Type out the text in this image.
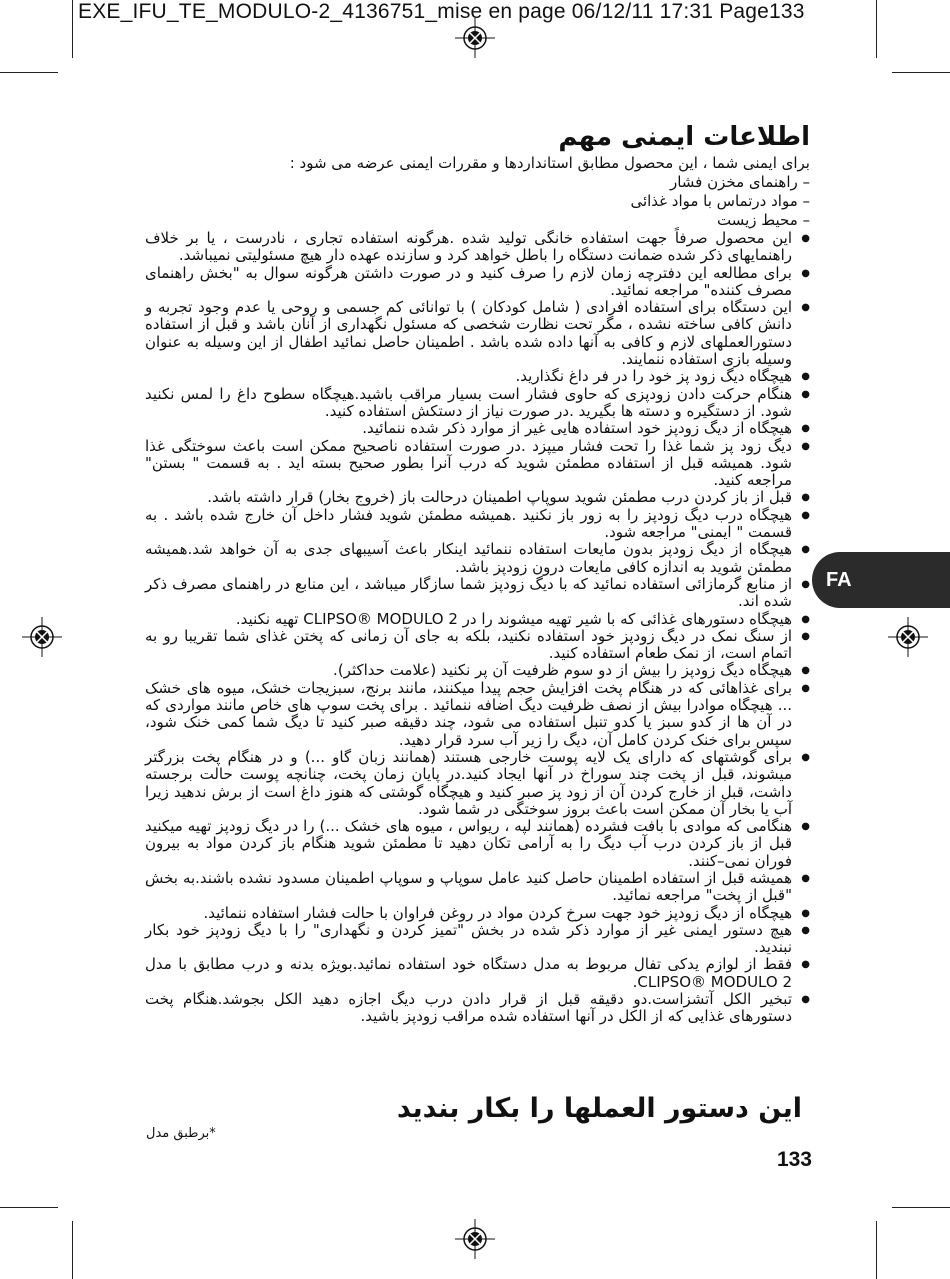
EXE_IFU_TE_MODULO-2_4136751_mise en page 06/12/11 17:31 Page133

FA
اطلاعات ایمنی مهم

برای ایمنی شما ، این محصول مطابق استانداردها و مقررات ایمنی عرضه می شود :

– راهنمای مخزن فشار

– مواد درتماس با مواد غذائی

– محیط زیست

● این محصول صرفاً جهت استفاده خانگی تولید شده .هرگونه استفاده تجاری ، نادرست ، یا بر خلاف راهنمایهای ذکر شده ضمانت دستگاه را باطل خواهد کرد و سازنده عهده دار هیچ مسئولیتی نمیباشد.
● برای مطالعه این دفترچه زمان لازم را صرف کنید و در صورت داشتن هرگونه سوال به "بخش راهنمای مصرف کننده" مراجعه نمائید.
● این دستگاه برای استفاده افرادی ( شامل کودکان ) با توانائی کم جسمی و روحی یا عدم وجود تجربه و دانش کافی ساخته نشده ، مگر تحت نظارت شخصی که مسئول نگهداری از آنان باشد و قبل از استفاده دستورالعملهای لازم و کافی به آنها داده شده باشد . اطمینان حاصل نمائید اطفال از این وسیله به عنوان وسیله بازی استفاده ننمایند.
● هیچگاه دیگ زود پز خود را در فر داغ نگذارید.
● هنگام حرکت دادن زودپزی که حاوی فشار است بسیار مراقب باشید.هیچگاه سطوح داغ را لمس نکنید شود. از دستگیره و دسته ها بگیرید .در صورت نیاز از دستکش استفاده کنید.
● هیچگاه از دیگ زودپز خود استفاده هایی غیر از موارد ذکر شده ننمائید.
● دیگ زود پز شما غذا را تحت فشار میپزد .در صورت استفاده ناصحیح ممکن است باعث سوختگی غذا شود. همیشه قبل از استفاده مطمئن شوید که درب آنرا بطور صحیح بسته اید . به قسمت " بستن" مراجعه کنید.
● قبل از باز کردن درب مطمئن شوید سوپاپ اطمینان درحالت باز (خروج بخار) قرار داشته باشد.
● هیچگاه درب دیگ زودپز را به زور باز نکنید .همیشه مطمئن شوید فشار داخل آن خارج شده باشد . به قسمت " ایمنی" مراجعه شود.
● هیچگاه از دیگ زودپز بدون مایعات استفاده ننمائید اینکار باعث آسیبهای جدی به آن خواهد شد.همیشه مطمئن شوید به اندازه کافی مایعات درون زودپز باشد.
● از منابع گرمازائی استفاده نمائید که با دیگ زودپز شما سازگار میباشد ، این منابع در راهنمای مصرف ذکر شده اند.
● هیچگاه دستورهای غذائی که با شیر تهیه میشوند را در CLIPSO® MODULO 2 تهیه نکنید.
● از سنگ نمک در دیگ زودپز خود استفاده نکنید، بلکه به جای آن زمانی که پختن غذای شما تقریبا رو به اتمام است، از نمک طعام استفاده کنید.
● هیچگاه دیگ زودپز را بیش از دو سوم ظرفیت آن پر نکنید (علامت حداکثر).
● برای غذاهائی که در هنگام پخت افزایش حجم پیدا میکنند، مانند برنج، سبزیجات خشک، میوه های خشک ... هیچگاه موادرا بیش از نصف ظرفیت دیگ اضافه ننمائید . برای پخت سوپ های خاص مانند مواردی که در آن ها از کدو سبز یا کدو تنبل استفاده می شود، چند دقیقه صبر کنید تا دیگ شما کمی خنک شود، سپس برای خنک کردن کامل آن، دیگ را زیر آب سرد قرار دهید.
● برای گوشتهای که دارای یک لایه پوست خارجی هستند (همانند زبان گاو ...) و در هنگام پخت بزرگتر میشوند، قبل از پخت چند سوراخ در آنها ایجاد کنید.در پایان زمان پخت، چنانچه پوست حالت برجسته داشت، قبل از خارج کردن آن از زود پز صبر کنید و هیچگاه گوشتی که هنوز داغ است از برش ندهید زیرا آب یا بخار آن ممکن است باعث بروز سوختگی در شما شود.
● هنگامی که موادی با بافت فشرده (همانند لپه ، ریواس ، میوه های خشک ...) را در دیگ زودپز تهیه میکنید قبل از باز کردن درب آب دیگ را به آرامی تکان دهید تا مطمئن شوید هنگام باز کردن مواد به بیرون فوران نمی–کنند.
● همیشه قبل از استفاده اطمینان حاصل کنید عامل سوپاپ و سوپاپ اطمینان مسدود نشده باشند.به بخش "قبل از پخت" مراجعه نمائید.
● هیچگاه از دیگ زودپز خود جهت سرخ کردن مواد در روغن فراوان با حالت فشار استفاده ننمائید.
● هیچ دستور ایمنی غیر از موارد ذکر شده در بخش "تمیز کردن و نگهداری" را با دیگ زودپز خود بکار نبندید.
● فقط از لوازم یدکی تفال مربوط به مدل دستگاه خود استفاده نمائید.بویژه بدنه و درب مطابق با مدل CLIPSO® MODULO 2.
● تبخیر الکل آتشزاست.دو دقیقه قبل از قرار دادن درب دیگ اجازه دهید الکل بجوشد.هنگام پخت دستورهای غذایی که از الکل در آنها استفاده شده مراقب زودپز باشید.
این دستور العملها را بکار بندید

*برطبق مدل

133
